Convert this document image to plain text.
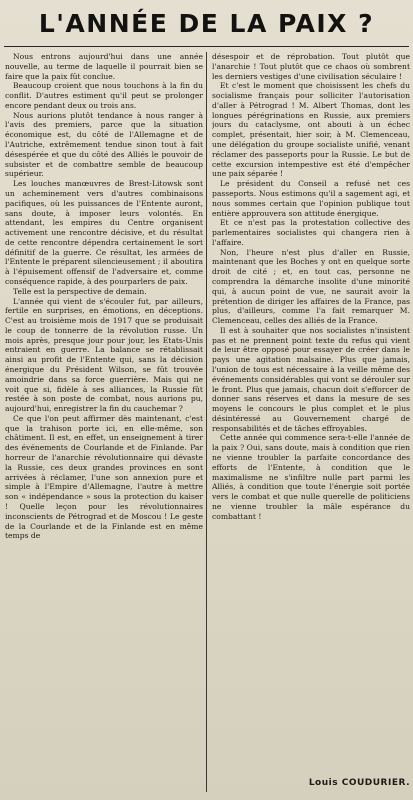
L'ANNÉE DE LA PAIX ?

Nous entrons aujourd'hui dans une année nouvelle, au terme de laquelle il pourrait bien se faire que la paix fût conclue.

Beaucoup croient que nous touchons à la fin du conflit. D'autres estiment qu'il peut se prolonger encore pendant deux ou trois ans.

Nous aurions plutôt tendance à nous ranger à l'avis des premiers, parce que la situation économique est, du côté de l'Allemagne et de l'Autriche, extrêmement tendue sinon tout à fait désespérée et que du côté des Alliés le pouvoir de subsister et de combattre semble de beaucoup supérieur.

Les louches manœuvres de Brest-Litowsk sont un acheminement vers d'autres combinaisons pacifiques, où les puissances de l'Entente auront, sans doute, à imposer leurs volontés. En attendant, les empires du Centre organisent activement une rencontre décisive, et du résultat de cette rencontre dépendra certainement le sort définitif de la guerre. Ce résultat, les armées de l'Entente le préparent silencieusement ; il aboutira à l'épuisement offensif de l'adversaire et, comme conséquence rapide, à des pourparlers de paix.

Telle est la perspective de demain.

L'année qui vient de s'écouler fut, par ailleurs, fertile en surprises, en émotions, en déceptions. C'est au troisième mois de 1917 que se produisait le coup de tonnerre de la révolution russe. Un mois après, presque jour pour jour, les Etats-Unis entraient en guerre. La balance se rétablissait ainsi au profit de l'Entente qui, sans la décision énergique du Président Wilson, se fût trouvée amoindrie dans sa force guerrière. Mais qui ne voit que si, fidèle à ses alliances, la Russie fût restée à son poste de combat, nous aurions pu, aujourd'hui, enregistrer la fin du cauchemar ?

Ce que l'on peut affirmer dès maintenant, c'est que la trahison porte ici, en elle-même, son châtiment. Il est, en effet, un enseignement à tirer des événements de Courlande et de Finlande. Par horreur de l'anarchie révolutionnaire qui dévaste la Russie, ces deux grandes provinces en sont arrivées à réclamer, l'une son annexion pure et simple à l'Empire d'Allemagne, l'autre à mettre son « indépendance » sous la protection du kaiser ! Quelle leçon pour les révolutionnaires inconscients de Pétrograd et de Moscou ! Le geste de la Courlande et de la Finlande est en même temps de

désespoir et de réprobation. Tout plutôt que l'anarchie ! Tout plutôt que ce chaos où sombrent les derniers vestiges d'une civilisation séculaire !

Et c'est le moment que choisissent les chefs du socialisme français pour solliciter l'autorisation d'aller à Pétrograd ! M. Albert Thomas, dont les longues pérégrinations en Russie, aux premiers jours du cataclysme, ont abouti à un échec complet, présentait, hier soir, à M. Clemenceau, une délégation du groupe socialiste unifié, venant réclamer des passeports pour la Russie. Le but de cette excursion intempestive est été d'empêcher une paix séparée !

Le président du Conseil a refusé net ces passeports. Nous estimons qu'il a sagement agi, et nous sommes certain que l'opinion publique tout entière approuvera son attitude énergique.

Et ce n'est pas la protestation collective des parlementaires socialistes qui changera rien à l'affaire.

Non, l'heure n'est plus d'aller en Russie, maintenant que les Boches y ont en quelque sorte droit de cité ; et, en tout cas, personne ne comprendra la démarche insolite d'une minorité qui, à aucun point de vue, ne saurait avoir la prétention de diriger les affaires de la France, pas plus, d'ailleurs, comme l'a fait remarquer M. Clemenceau, celles des alliés de la France.

Il est à souhaiter que nos socialistes n'insistent pas et ne prennent point texte du refus qui vient de leur être opposé pour essayer de créer dans le pays une agitation malsaine. Plus que jamais, l'union de tous est nécessaire à la veille même des événements considérables qui vont se dérouler sur le front. Plus que jamais, chacun doit s'efforcer de donner sans réserves et dans la mesure de ses moyens le concours le plus complet et le plus désintéressé au Gouvernement chargé de responsabilités et de tâches effroyables.

Cette année qui commence sera-t-elle l'année de la paix ? Oui, sans doute, mais à condition que rien ne vienne troubler la parfaite concordance des efforts de l'Entente, à condition que le maximalisme ne s'infiltre nulle part parmi les Alliés, à condition que toute l'énergie soit portée vers le combat et que nulle querelle de politiciens ne vienne troubler la mâle espérance du combattant !

Louis COUDURIER.
